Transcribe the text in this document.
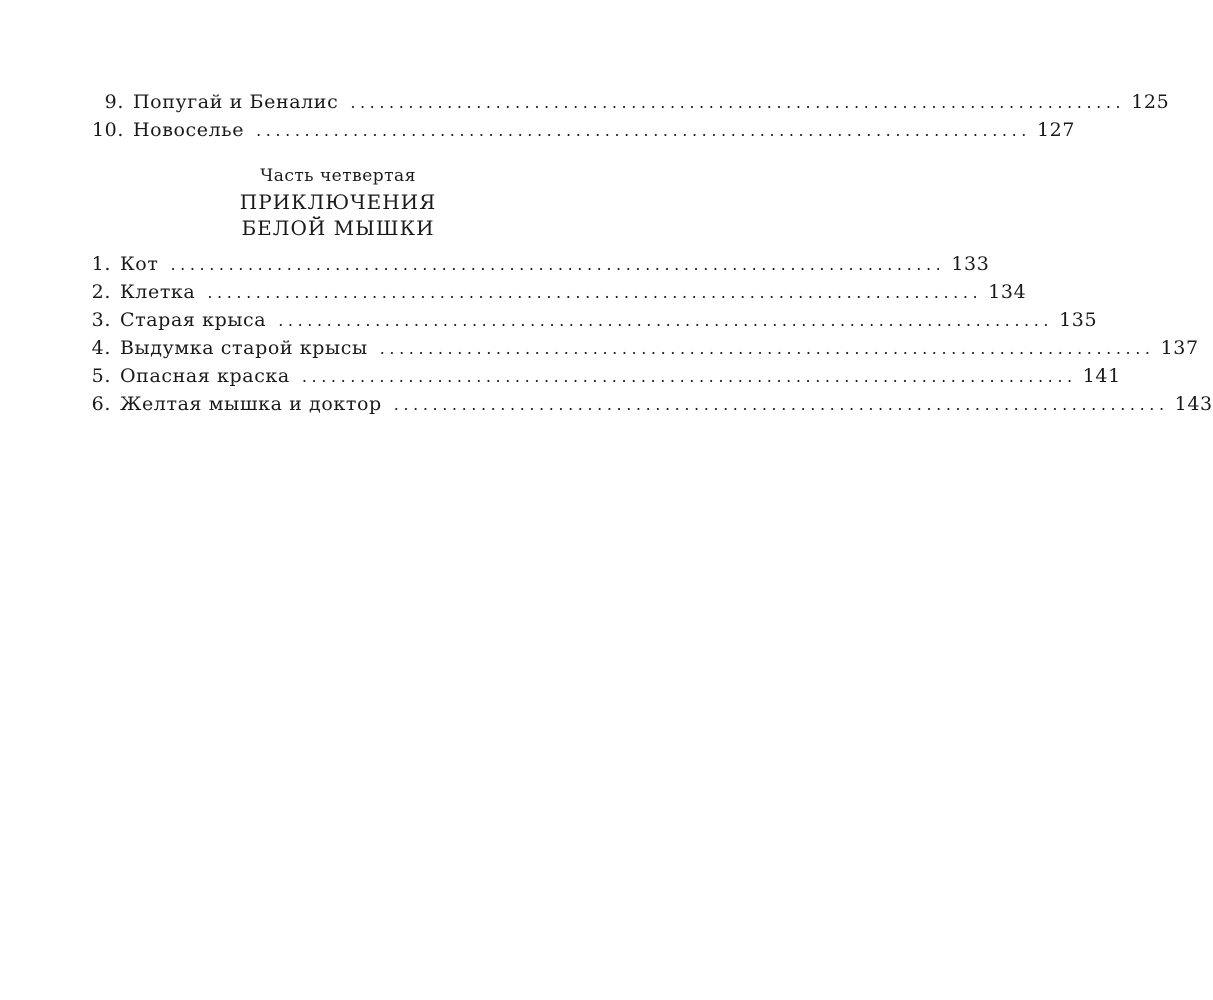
9. Попугай и Беналис ................................................................................ 125
10. Новоселье ................................................................................ 127
Часть четвертая
ПРИКЛЮЧЕНИЯ
БЕЛОЙ МЫШКИ
1. Кот ................................................................................ 133
2. Клетка ................................................................................ 134
3. Старая крыса ................................................................................ 135
4. Выдумка старой крысы ................................................................................ 137
5. Опасная краска ................................................................................ 141
6. Желтая мышка и доктор ................................................................................ 143
